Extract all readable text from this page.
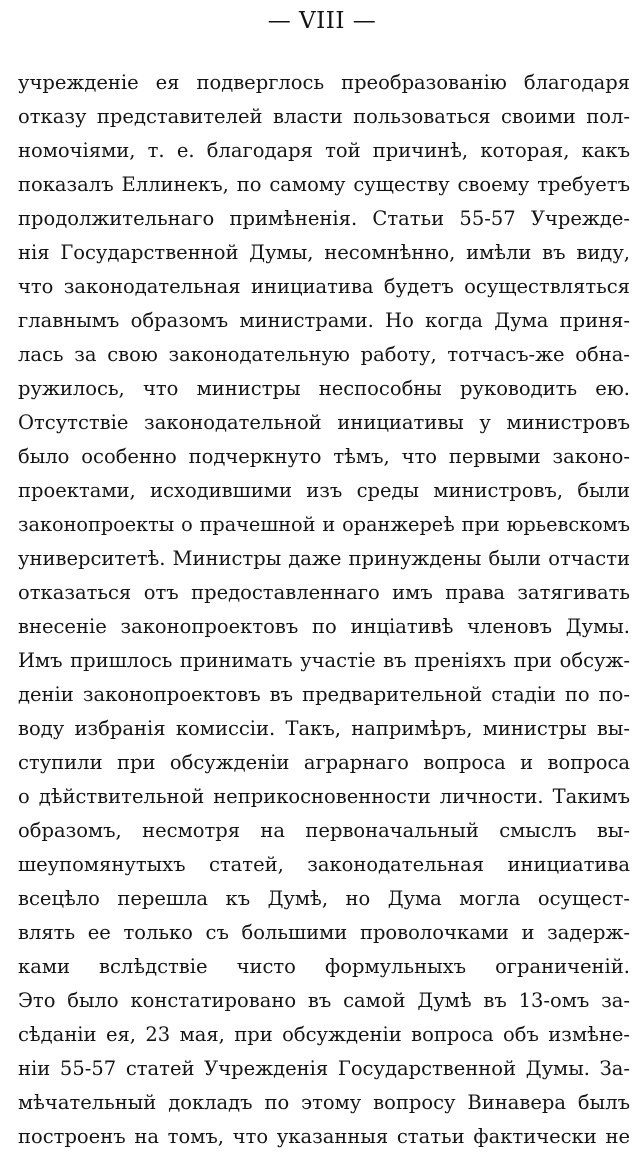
— VIII —
учрежденіе ея подверглось преобразованію благодаря
отказу представителей власти пользоваться своими пол-
номочіями, т. е. благодаря той причинѣ, которая, какъ
показалъ Еллинекъ, по самому существу своему требуетъ
продолжительнаго примѣненія. Статьи 55-57 Учрежде-
нія Государственной Думы, несомнѣнно, имѣли въ виду,
что законодательная инициатива будетъ осуществляться
главнымъ образомъ министрами. Но когда Дума приня-
лась за свою законодательную работу, тотчасъ-же обна-
ружилось, что министры неспособны руководить ею.
Отсутствіе законодательной инициативы у министровъ
было особенно подчеркнуто тѣмъ, что первыми законо-
проектами, исходившими изъ среды министровъ, были
законопроекты о прачешной и оранжереѣ при юрьевскомъ
университетѣ. Министры даже принуждены были отчасти
отказаться отъ предоставленнаго имъ права затягивать
внесеніе законопроектовъ по инціативѣ членовъ Думы.
Имъ пришлось принимать участіе въ преніяхъ при обсуж-
деніи законопроектовъ въ предварительной стадіи по по-
воду избранія комиссіи. Такъ, напримѣръ, министры вы-
ступили при обсужденіи аграрнаго вопроса и вопроса
о дѣйствительной неприкосновенности личности. Такимъ
образомъ, несмотря на первоначальный смыслъ вы-
шеупомянутыхъ статей, законодательная инициатива
всецѣло перешла къ Думѣ, но Дума могла осущест-
влять ее только съ большими проволочками и задерж-
ками вслѣдствіе чисто формульныхъ ограниченій.
Это было констатировано въ самой Думѣ въ 13-омъ за-
сѣданіи ея, 23 мая, при обсужденіи вопроса объ измѣне-
ніи 55-57 статей Учрежденія Государственной Думы. За-
мѣчательный докладъ по этому вопросу Винавера былъ
построенъ на томъ, что указанныя статьи фактически не
